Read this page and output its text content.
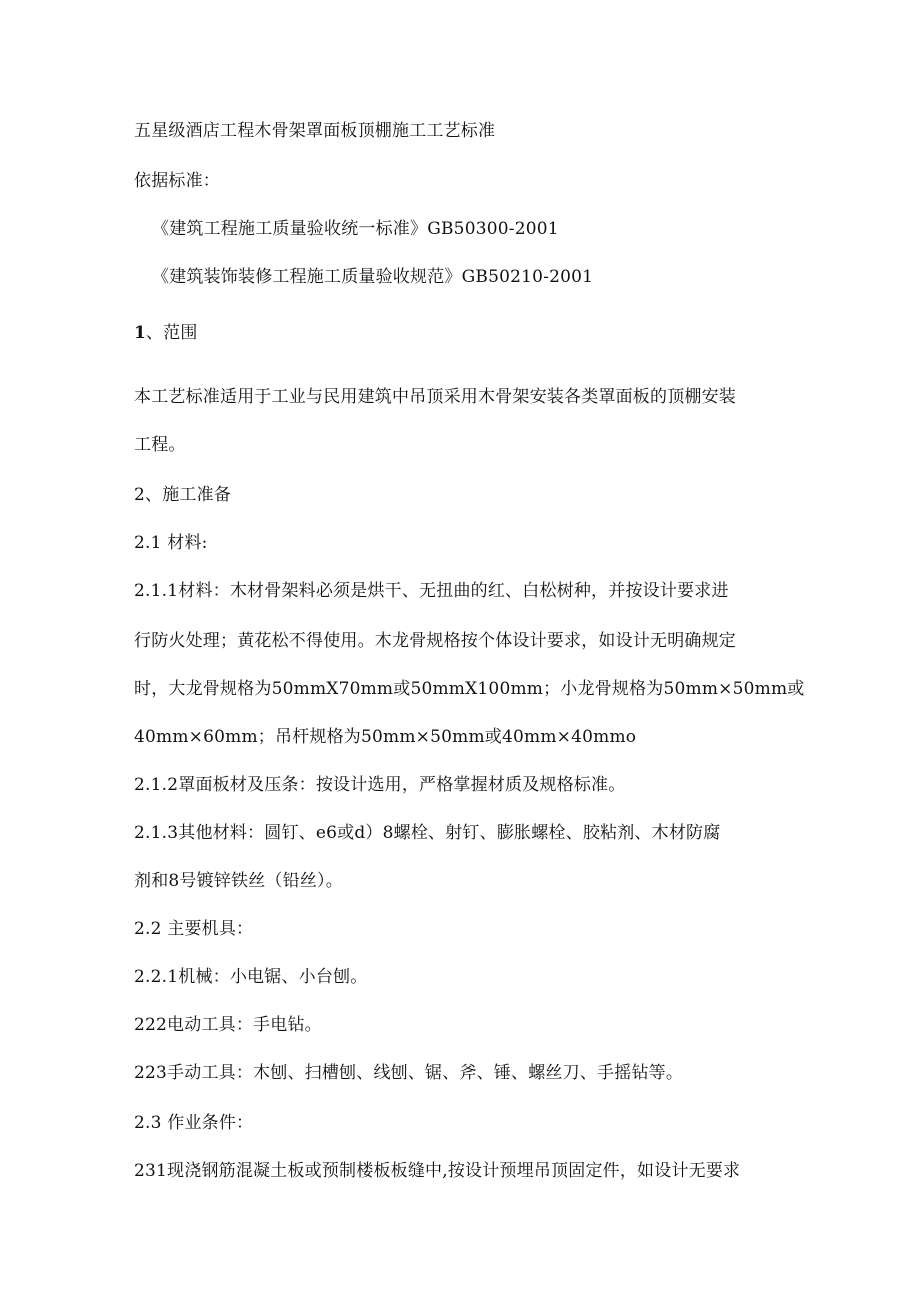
五星级酒店工程木骨架罩面板顶棚施工工艺标准
依据标准：
《建筑工程施工质量验收统一标准》GB50300-2001
《建筑装饰装修工程施工质量验收规范》GB50210-2001
1、范围
本工艺标准适用于工业与民用建筑中吊顶采用木骨架安装各类罩面板的顶棚安装
工程。
2、施工准备
2.1 材料:
2.1.1材料：木材骨架料必须是烘干、无扭曲的红、白松树种，并按设计要求进
行防火处理；黄花松不得使用。木龙骨规格按个体设计要求，如设计无明确规定
时，大龙骨规格为50mmX70mm或50mmX100mm；小龙骨规格为50mm×50mm或
40mm×60mm；吊杆规格为50mm×50mm或40mm×40mmo
2.1.2罩面板材及压条：按设计选用，严格掌握材质及规格标准。
2.1.3其他材料：圆钉、e6或d）8螺栓、射钉、膨胀螺栓、胶粘剂、木材防腐
剂和8号镀锌铁丝（铅丝）。
2.2 主要机具：
2.2.1机械：小电锯、小台刨。
222电动工具：手电钻。
223手动工具：木刨、扫槽刨、线刨、锯、斧、锤、螺丝刀、手摇钻等。
2.3 作业条件：
231现浇钢筋混凝土板或预制楼板板缝中,按设计预埋吊顶固定件，如设计无要求
